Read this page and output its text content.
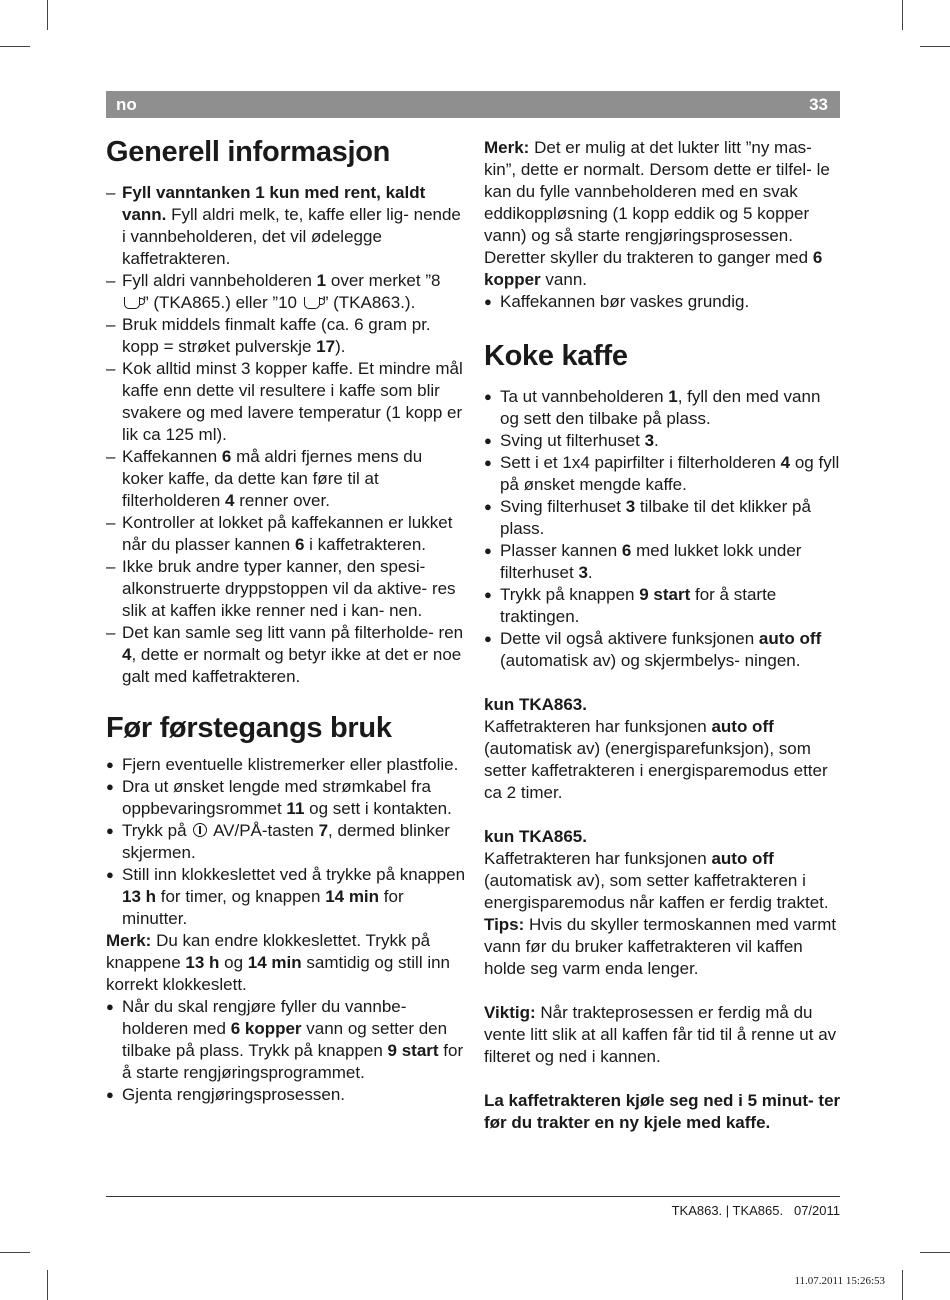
no	33
Generell informasjon
– Fyll vanntanken 1 kun med rent, kaldt vann. Fyll aldri melk, te, kaffe eller lig- nende i vannbeholderen, det vil ødelegge kaffetrakteren.
– Fyll aldri vannbeholderen 1 over merket ”8 ” (TKA865.) eller ”10 ” (TKA863.).
– Bruk middels finmalt kaffe (ca. 6 gram pr. kopp = strøket pulverskje 17).
– Kok alltid minst 3 kopper kaffe. Et mindre mål kaffe enn dette vil resultere i kaffe som blir svakere og med lavere temperatur (1 kopp er lik ca 125 ml).
– Kaffekannen 6 må aldri fjernes mens du koker kaffe, da dette kan føre til at filterholderen 4 renner over.
– Kontroller at lokket på kaffekannen er lukket når du plasser kannen 6 i kaffetrakteren.
– Ikke bruk andre typer kanner, den spesi- alkonstruerte dryppstoppen vil da aktive- res slik at kaffen ikke renner ned i kan- nen.
– Det kan samle seg litt vann på filterholde- ren 4, dette er normalt og betyr ikke at det er noe galt med kaffetrakteren.
Før førstegangs bruk
● Fjern eventuelle klistremerker eller plastfolie.
● Dra ut ønsket lengde med strømkabel fra oppbevaringsrommet 11 og sett i kontakten.
● Trykk på  AV/PÅ-tasten 7, dermed blinker skjermen.
● Still inn klokkeslettet ved å trykke på knappen 13 h for timer, og knappen 14 min for minutter.

Merk: Du kan endre klokkeslettet. Trykk på knappene 13 h og 14 min samtidig og still inn korrekt klokkeslett.

● Når du skal rengjøre fyller du vannbe- holderen med 6 kopper vann og setter den tilbake på plass. Trykk på knappen 9 start for å starte rengjøringsprogrammet.
● Gjenta rengjøringsprosessen.

Merk: Det er mulig at det lukter litt ”ny mas- kin”, dette er normalt. Dersom dette er tilfel- le kan du fylle vannbeholderen med en svak eddikoppløsning (1 kopp eddik og 5 kopper vann) og så starte rengjøringsprosessen. Deretter skyller du trakteren to ganger med 6 kopper vann.

● Kaffekannen bør vaskes grundig.
Koke kaffe
● Ta ut vannbeholderen 1, fyll den med vann og sett den tilbake på plass.
● Sving ut filterhuset 3.
● Sett i et 1x4 papirfilter i filterholderen 4 og fyll på ønsket mengde kaffe.
● Sving filterhuset 3 tilbake til det klikker på plass.
● Plasser kannen 6 med lukket lokk under filterhuset 3.
● Trykk på knappen 9 start for å starte traktingen.
● Dette vil også aktivere funksjonen auto off (automatisk av) og skjermbelys- ningen.

kun TKA863.

Kaffetrakteren har funksjonen auto off (automatisk av) (energisparefunksjon), som setter kaffetrakteren i energisparemodus etter ca 2 timer.

kun TKA865.

Kaffetrakteren har funksjonen auto off (automatisk av), som setter kaffetrakteren i energisparemodus når kaffen er ferdig traktet.

Tips: Hvis du skyller termoskannen med varmt vann før du bruker kaffetrakteren vil kaffen holde seg varm enda lenger.

Viktig: Når trakteprosessen er ferdig må du vente litt slik at all kaffen får tid til å renne ut av filteret og ned i kannen.

La kaffetrakteren kjøle seg ned i 5 minut- ter før du trakter en ny kjele med kaffe.

TKA863. | TKA865. 07/2011
11.07.2011 15:26:53
